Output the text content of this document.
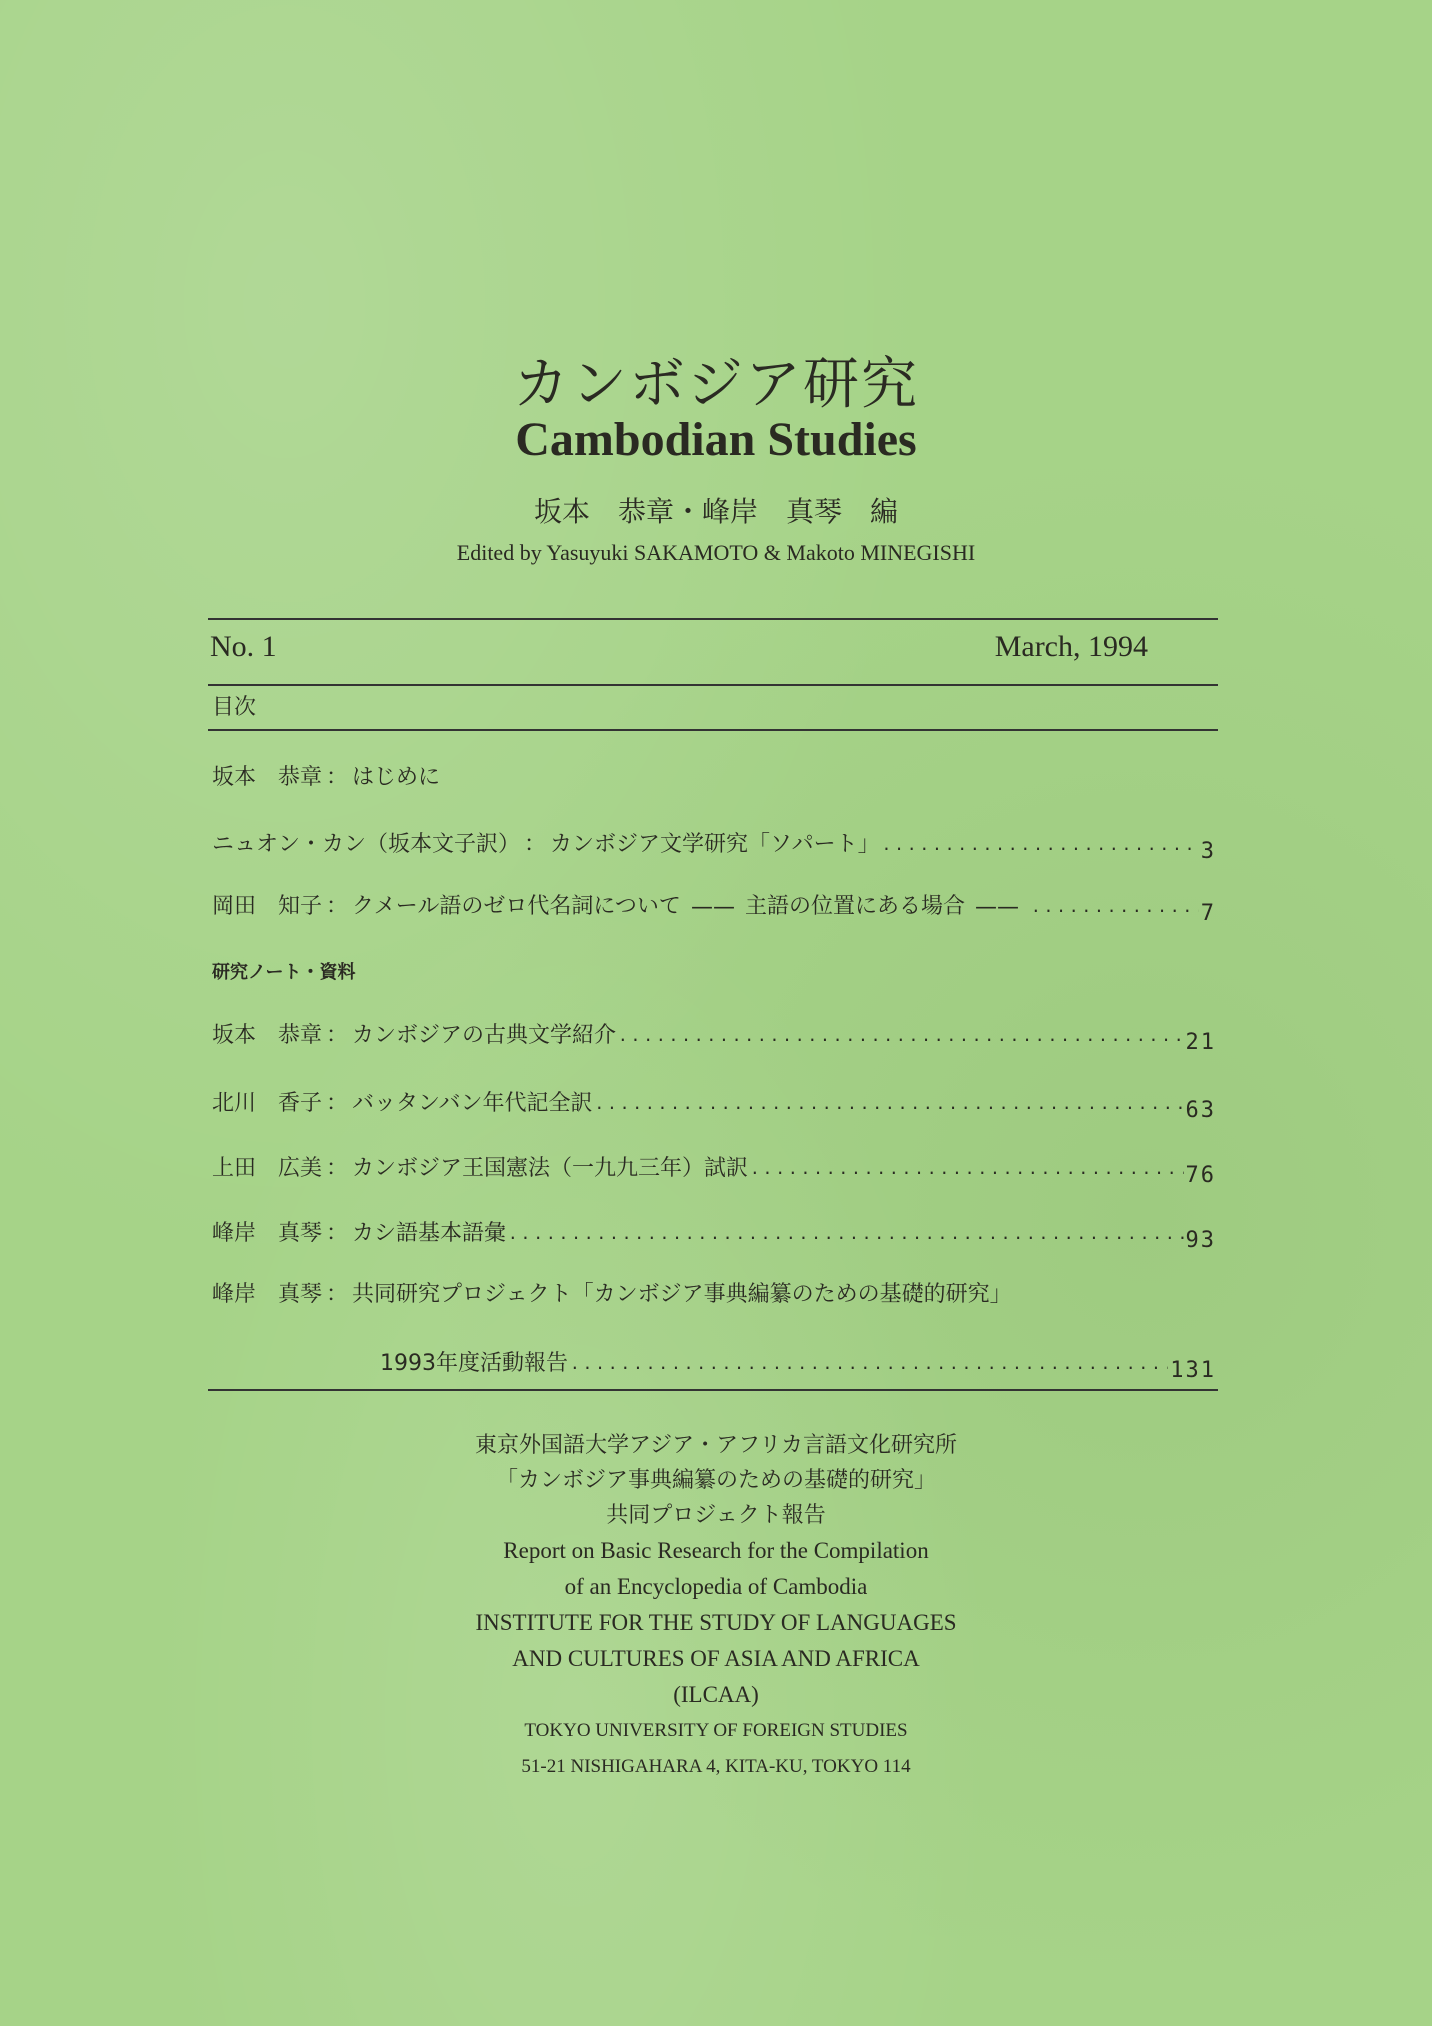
カンボジア研究
Cambodian Studies
坂本　恭章・峰岸　真琴　編
Edited by Yasuyuki SAKAMOTO & Makoto MINEGISHI
No. 1	March, 1994
目次
坂本　恭章 ： はじめに
ニュオン・カン（坂本文子訳） ： カンボジア文学研究「ソパート」 .....	3
岡田　知子 ： クメール語のゼロ代名詞について —— 主語の位置にある場合 —— .....	7
研究ノート・資料
坂本　恭章 ： カンボジアの古典文学紹介 .....	21
北川　香子 ： バッタンバン年代記全訳 .....	63
上田　広美 ： カンボジア王国憲法（一九九三年）試訳 .....	76
峰岸　真琴 ： カシ語基本語彙 .....	93
峰岸　真琴 ： 共同研究プロジェクト「カンボジア事典編纂のための基礎的研究」
1993年度活動報告 .....	131
東京外国語大学アジア・アフリカ言語文化研究所
「カンボジア事典編纂のための基礎的研究」
共同プロジェクト報告
Report on Basic Research for the Compilation
of an Encyclopedia of Cambodia
INSTITUTE FOR THE STUDY OF LANGUAGES
AND CULTURES OF ASIA AND AFRICA
(ILCAA)
TOKYO UNIVERSITY OF FOREIGN STUDIES
51-21 NISHIGAHARA 4, KITA-KU, TOKYO 114
